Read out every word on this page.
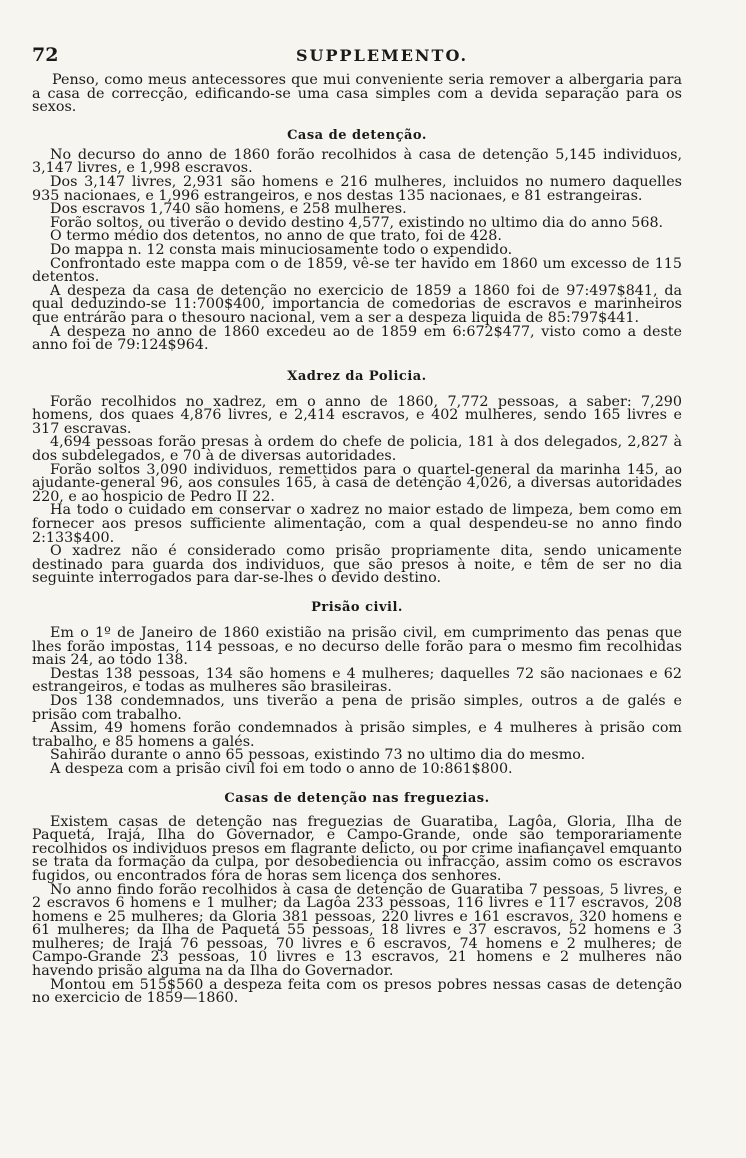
72	SUPPLEMENTO.

Penso, como meus antecessores que mui conveniente seria remover a albergaria para a casa de correcção, edificando-se uma casa simples com a devida separação para os sexos.

Casa de detenção.

No decurso do anno de 1860 forão recolhidos à casa de detenção 5,145 individuos, 3,147 livres, e 1,998 escravos.

Dos 3,147 livres, 2,931 são homens e 216 mulheres, incluidos no numero daquelles 935 nacionaes, e 1,996 estrangeiros, e nos destas 135 nacionaes, e 81 estrangeiras.

Dos escravos 1,740 são homens, e 258 mulheres.

Forão soltos, ou tiverão o devido destino 4,577, existindo no ultimo dia do anno 568.

O termo médio dos detentos, no anno de que trato, foi de 428.

Do mappa n. 12 consta mais minuciosamente todo o expendido.

Confrontado este mappa com o de 1859, vê-se ter havido em 1860 um excesso de 115 detentos.

A despeza da casa de detenção no exercicio de 1859 a 1860 foi de 97:497$841, da qual deduzindo-se 11:700$400, importancia de comedorias de escravos e marinheiros que entrárão para o thesouro nacional, vem a ser a despeza liquida de 85:797$441.

A despeza no anno de 1860 excedeu ao de 1859 em 6:672$477, visto como a deste anno foi de 79:124$964.

Xadrez da Policia.

Forão recolhidos no xadrez, em o anno de 1860, 7,772 pessoas, a saber: 7,290 homens, dos quaes 4,876 livres, e 2,414 escravos, e 402 mulheres, sendo 165 livres e 317 escravas.

4,694 pessoas forão presas à ordem do chefe de policia, 181 à dos delegados, 2,827 à dos subdelegados, e 70 à de diversas autoridades.

Forão soltos 3,090 individuos, remettidos para o quartel-general da marinha 145, ao ajudante-general 96, aos consules 165, à casa de detenção 4,026, a diversas autoridades 220, e ao hospicio de Pedro II 22.

Ha todo o cuidado em conservar o xadrez no maior estado de limpeza, bem como em fornecer aos presos sufficiente alimentação, com a qual despendeu-se no anno findo 2:133$400.

O xadrez não é considerado como prisão propriamente dita, sendo unicamente destinado para guarda dos individuos, que são presos à noite, e têm de ser no dia seguinte interrogados para dar-se-lhes o devido destino.

Prisão civil.

Em o 1º de Janeiro de 1860 existião na prisão civil, em cumprimento das penas que lhes forão impostas, 114 pessoas, e no decurso delle forão para o mesmo fim recolhidas mais 24, ao todo 138.

Destas 138 pessoas, 134 são homens e 4 mulheres; daquelles 72 são nacionaes e 62 estrangeiros, e todas as mulheres são brasileiras.

Dos 138 condemnados, uns tiverão a pena de prisão simples, outros a de galés e prisão com trabalho.

Assim, 49 homens forão condemnados à prisão simples, e 4 mulheres à prisão com trabalho, e 85 homens a galés.

Sahirão durante o anno 65 pessoas, existindo 73 no ultimo dia do mesmo.

A despeza com a prisão civil foi em todo o anno de 10:861$800.

Casas de detenção nas freguezias.

Existem casas de detenção nas freguezias de Guaratiba, Lagôa, Gloria, Ilha de Paquetá, Irajá, Ilha do Governador, e Campo-Grande, onde são temporariamente recolhidos os individuos presos em flagrante delicto, ou por crime inafiançavel emquanto se trata da formação da culpa, por desobediencia ou infracção, assim como os escravos fugidos, ou encontrados fóra de horas sem licença dos senhores.

No anno findo forão recolhidos à casa de detenção de Guaratiba 7 pessoas, 5 livres, e 2 escravos 6 homens e 1 mulher; da Lagôa 233 pessoas, 116 livres e 117 escravos, 208 homens e 25 mulheres; da Gloria 381 pessoas, 220 livres e 161 escravos, 320 homens e 61 mulheres; da Ilha de Paquetá 55 pessoas, 18 livres e 37 escravos, 52 homens e 3 mulheres; de Irajá 76 pessoas, 70 livres e 6 escravos, 74 homens e 2 mulheres; de Campo-Grande 23 pessoas, 10 livres e 13 escravos, 21 homens e 2 mulheres não havendo prisão alguma na da Ilha do Governador.

Montou em 515$560 a despeza feita com os presos pobres nessas casas de detenção no exercicio de 1859—1860.
